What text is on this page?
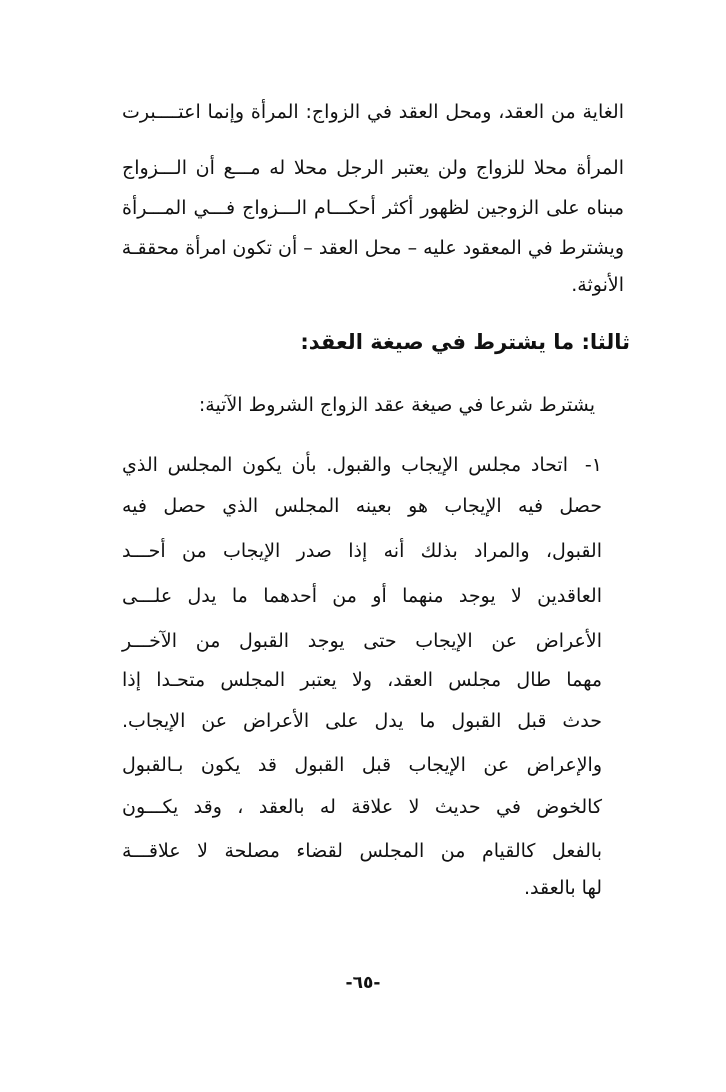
الغاية من العقد، ومحل العقد في الزواج: المرأة وإنما اعتــــبرت
المرأة محلا للزواج ولن يعتبر الرجل محلا له مـــع أن الـــزواج
مبناه على الزوجين لظهور أكثر أحكـــام الـــزواج فـــي المـــرأة
ويشترط في المعقود عليه – محل العقد – أن تكون امرأة محققـة
الأنوثة.
ثالثا: ما يشترط في صيغة العقد:
يشترط شرعا في صيغة عقد الزواج الشروط الآتية:
١-
اتحاد مجلس الإيجاب والقبول. بأن يكون المجلس الذي
حصل فيه الإيجاب هو بعينه المجلس الذي حصل فيه
القبول، والمراد بذلك أنه إذا صدر الإيجاب من أحـــد
العاقدين لا يوجد منهما أو من أحدهما ما يدل علـــى
الأعراض عن الإيجاب حتى يوجد القبول من الآخـــر
مهما طال مجلس العقد، ولا يعتبر المجلس متحـدا إذا
حدث قبل القبول ما يدل على الأعراض عن الإيجاب.
والإعراض عن الإيجاب قبل القبول قد يكون بـالقبول
كالخوض في حديث لا علاقة له بالعقد ، وقد يكـــون
بالفعل كالقيام من المجلس لقضاء مصلحة لا علاقـــة
لها بالعقد.
-٦٥-
